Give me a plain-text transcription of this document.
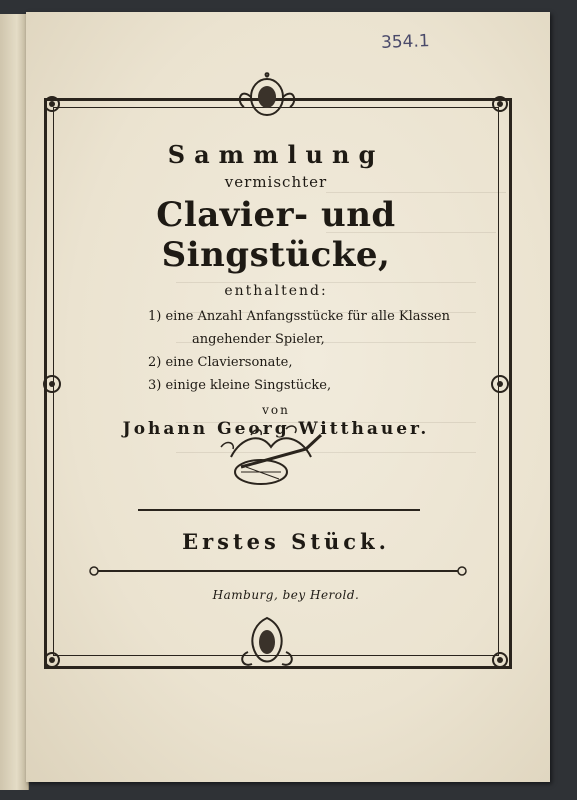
354.1
Sammlung
vermischter
Clavier- und Singstücke,
enthaltend:
1) eine Anzahl Anfangsstücke für alle Klassen
angehender Spieler,
2) eine Claviersonate,
3) einige kleine Singstücke,
von
Johann Georg Witthauer.
Erstes Stück.
Hamburg, bey Herold.
